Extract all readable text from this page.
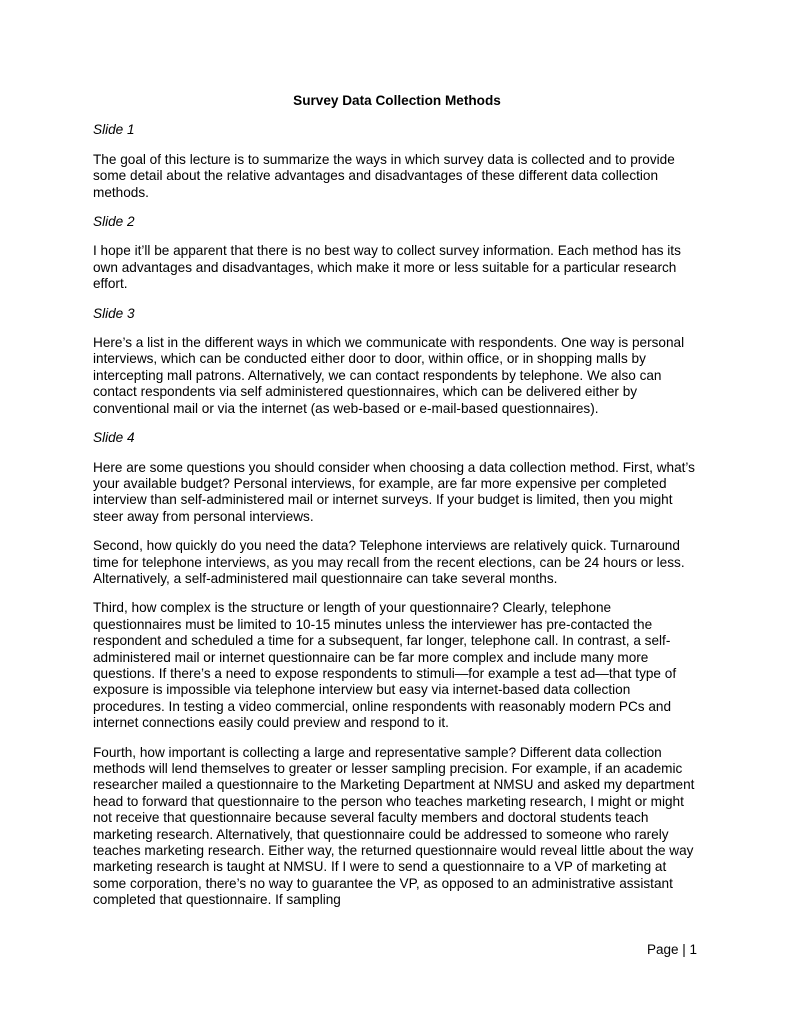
Survey Data Collection Methods
Slide 1

The goal of this lecture is to summarize the ways in which survey data is collected and to provide some detail about the relative advantages and disadvantages of these different data collection methods.

Slide 2

I hope it’ll be apparent that there is no best way to collect survey information. Each method has its own advantages and disadvantages, which make it more or less suitable for a particular research effort.

Slide 3

Here’s a list in the different ways in which we communicate with respondents. One way is personal interviews, which can be conducted either door to door, within office, or in shopping malls by intercepting mall patrons. Alternatively, we can contact respondents by telephone. We also can contact respondents via self administered questionnaires, which can be delivered either by conventional mail or via the internet (as web-based or e-mail-based questionnaires).

Slide 4

Here are some questions you should consider when choosing a data collection method. First, what’s your available budget? Personal interviews, for example, are far more expensive per completed interview than self-administered mail or internet surveys. If your budget is limited, then you might steer away from personal interviews.

Second, how quickly do you need the data? Telephone interviews are relatively quick. Turnaround time for telephone interviews, as you may recall from the recent elections, can be 24 hours or less. Alternatively, a self-administered mail questionnaire can take several months.

Third, how complex is the structure or length of your questionnaire? Clearly, telephone questionnaires must be limited to 10-15 minutes unless the interviewer has pre-contacted the respondent and scheduled a time for a subsequent, far longer, telephone call. In contrast, a self-administered mail or internet questionnaire can be far more complex and include many more questions. If there’s a need to expose respondents to stimuli—for example a test ad—that type of exposure is impossible via telephone interview but easy via internet-based data collection procedures. In testing a video commercial, online respondents with reasonably modern PCs and internet connections easily could preview and respond to it.

Fourth, how important is collecting a large and representative sample? Different data collection methods will lend themselves to greater or lesser sampling precision. For example, if an academic researcher mailed a questionnaire to the Marketing Department at NMSU and asked my department head to forward that questionnaire to the person who teaches marketing research, I might or might not receive that questionnaire because several faculty members and doctoral students teach marketing research. Alternatively, that questionnaire could be addressed to someone who rarely teaches marketing research. Either way, the returned questionnaire would reveal little about the way marketing research is taught at NMSU. If I were to send a questionnaire to a VP of marketing at some corporation, there’s no way to guarantee the VP, as opposed to an administrative assistant completed that questionnaire. If sampling

Page | 1
